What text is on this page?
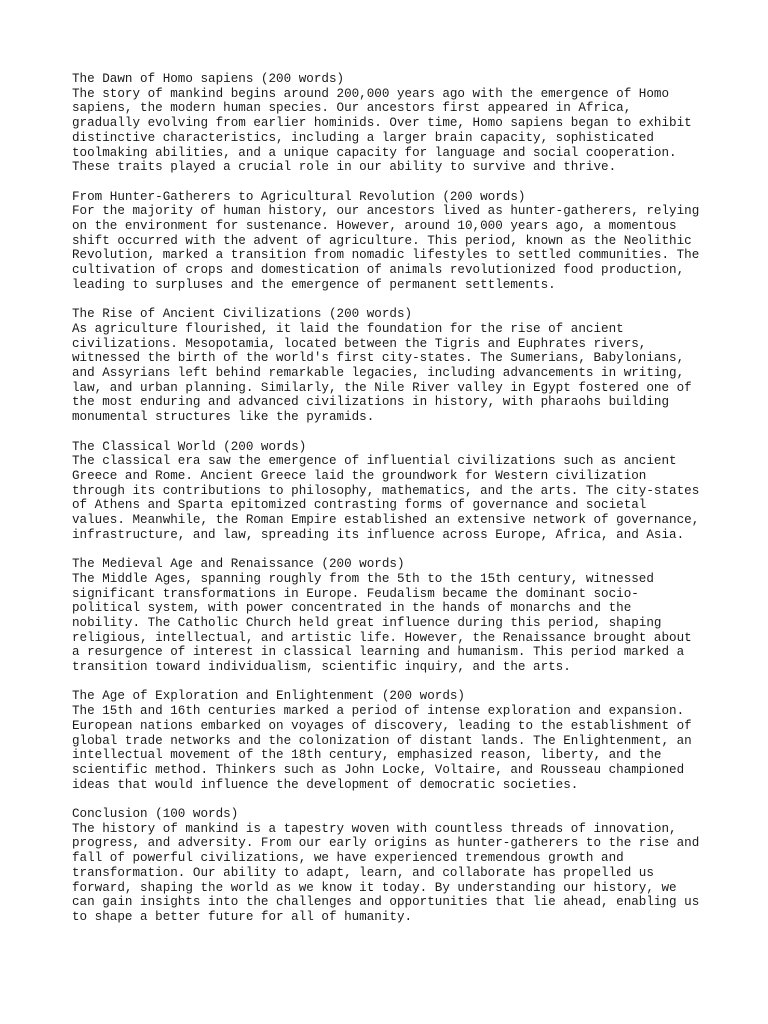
The Dawn of Homo sapiens (200 words)
The story of mankind begins around 200,000 years ago with the emergence of Homo
sapiens, the modern human species. Our ancestors first appeared in Africa,
gradually evolving from earlier hominids. Over time, Homo sapiens began to exhibit
distinctive characteristics, including a larger brain capacity, sophisticated
toolmaking abilities, and a unique capacity for language and social cooperation.
These traits played a crucial role in our ability to survive and thrive.
From Hunter-Gatherers to Agricultural Revolution (200 words)
For the majority of human history, our ancestors lived as hunter-gatherers, relying
on the environment for sustenance. However, around 10,000 years ago, a momentous
shift occurred with the advent of agriculture. This period, known as the Neolithic
Revolution, marked a transition from nomadic lifestyles to settled communities. The
cultivation of crops and domestication of animals revolutionized food production,
leading to surpluses and the emergence of permanent settlements.
The Rise of Ancient Civilizations (200 words)
As agriculture flourished, it laid the foundation for the rise of ancient
civilizations. Mesopotamia, located between the Tigris and Euphrates rivers,
witnessed the birth of the world's first city-states. The Sumerians, Babylonians,
and Assyrians left behind remarkable legacies, including advancements in writing,
law, and urban planning. Similarly, the Nile River valley in Egypt fostered one of
the most enduring and advanced civilizations in history, with pharaohs building
monumental structures like the pyramids.
The Classical World (200 words)
The classical era saw the emergence of influential civilizations such as ancient
Greece and Rome. Ancient Greece laid the groundwork for Western civilization
through its contributions to philosophy, mathematics, and the arts. The city-states
of Athens and Sparta epitomized contrasting forms of governance and societal
values. Meanwhile, the Roman Empire established an extensive network of governance,
infrastructure, and law, spreading its influence across Europe, Africa, and Asia.
The Medieval Age and Renaissance (200 words)
The Middle Ages, spanning roughly from the 5th to the 15th century, witnessed
significant transformations in Europe. Feudalism became the dominant socio-
political system, with power concentrated in the hands of monarchs and the
nobility. The Catholic Church held great influence during this period, shaping
religious, intellectual, and artistic life. However, the Renaissance brought about
a resurgence of interest in classical learning and humanism. This period marked a
transition toward individualism, scientific inquiry, and the arts.
The Age of Exploration and Enlightenment (200 words)
The 15th and 16th centuries marked a period of intense exploration and expansion.
European nations embarked on voyages of discovery, leading to the establishment of
global trade networks and the colonization of distant lands. The Enlightenment, an
intellectual movement of the 18th century, emphasized reason, liberty, and the
scientific method. Thinkers such as John Locke, Voltaire, and Rousseau championed
ideas that would influence the development of democratic societies.
Conclusion (100 words)
The history of mankind is a tapestry woven with countless threads of innovation,
progress, and adversity. From our early origins as hunter-gatherers to the rise and
fall of powerful civilizations, we have experienced tremendous growth and
transformation. Our ability to adapt, learn, and collaborate has propelled us
forward, shaping the world as we know it today. By understanding our history, we
can gain insights into the challenges and opportunities that lie ahead, enabling us
to shape a better future for all of humanity.
